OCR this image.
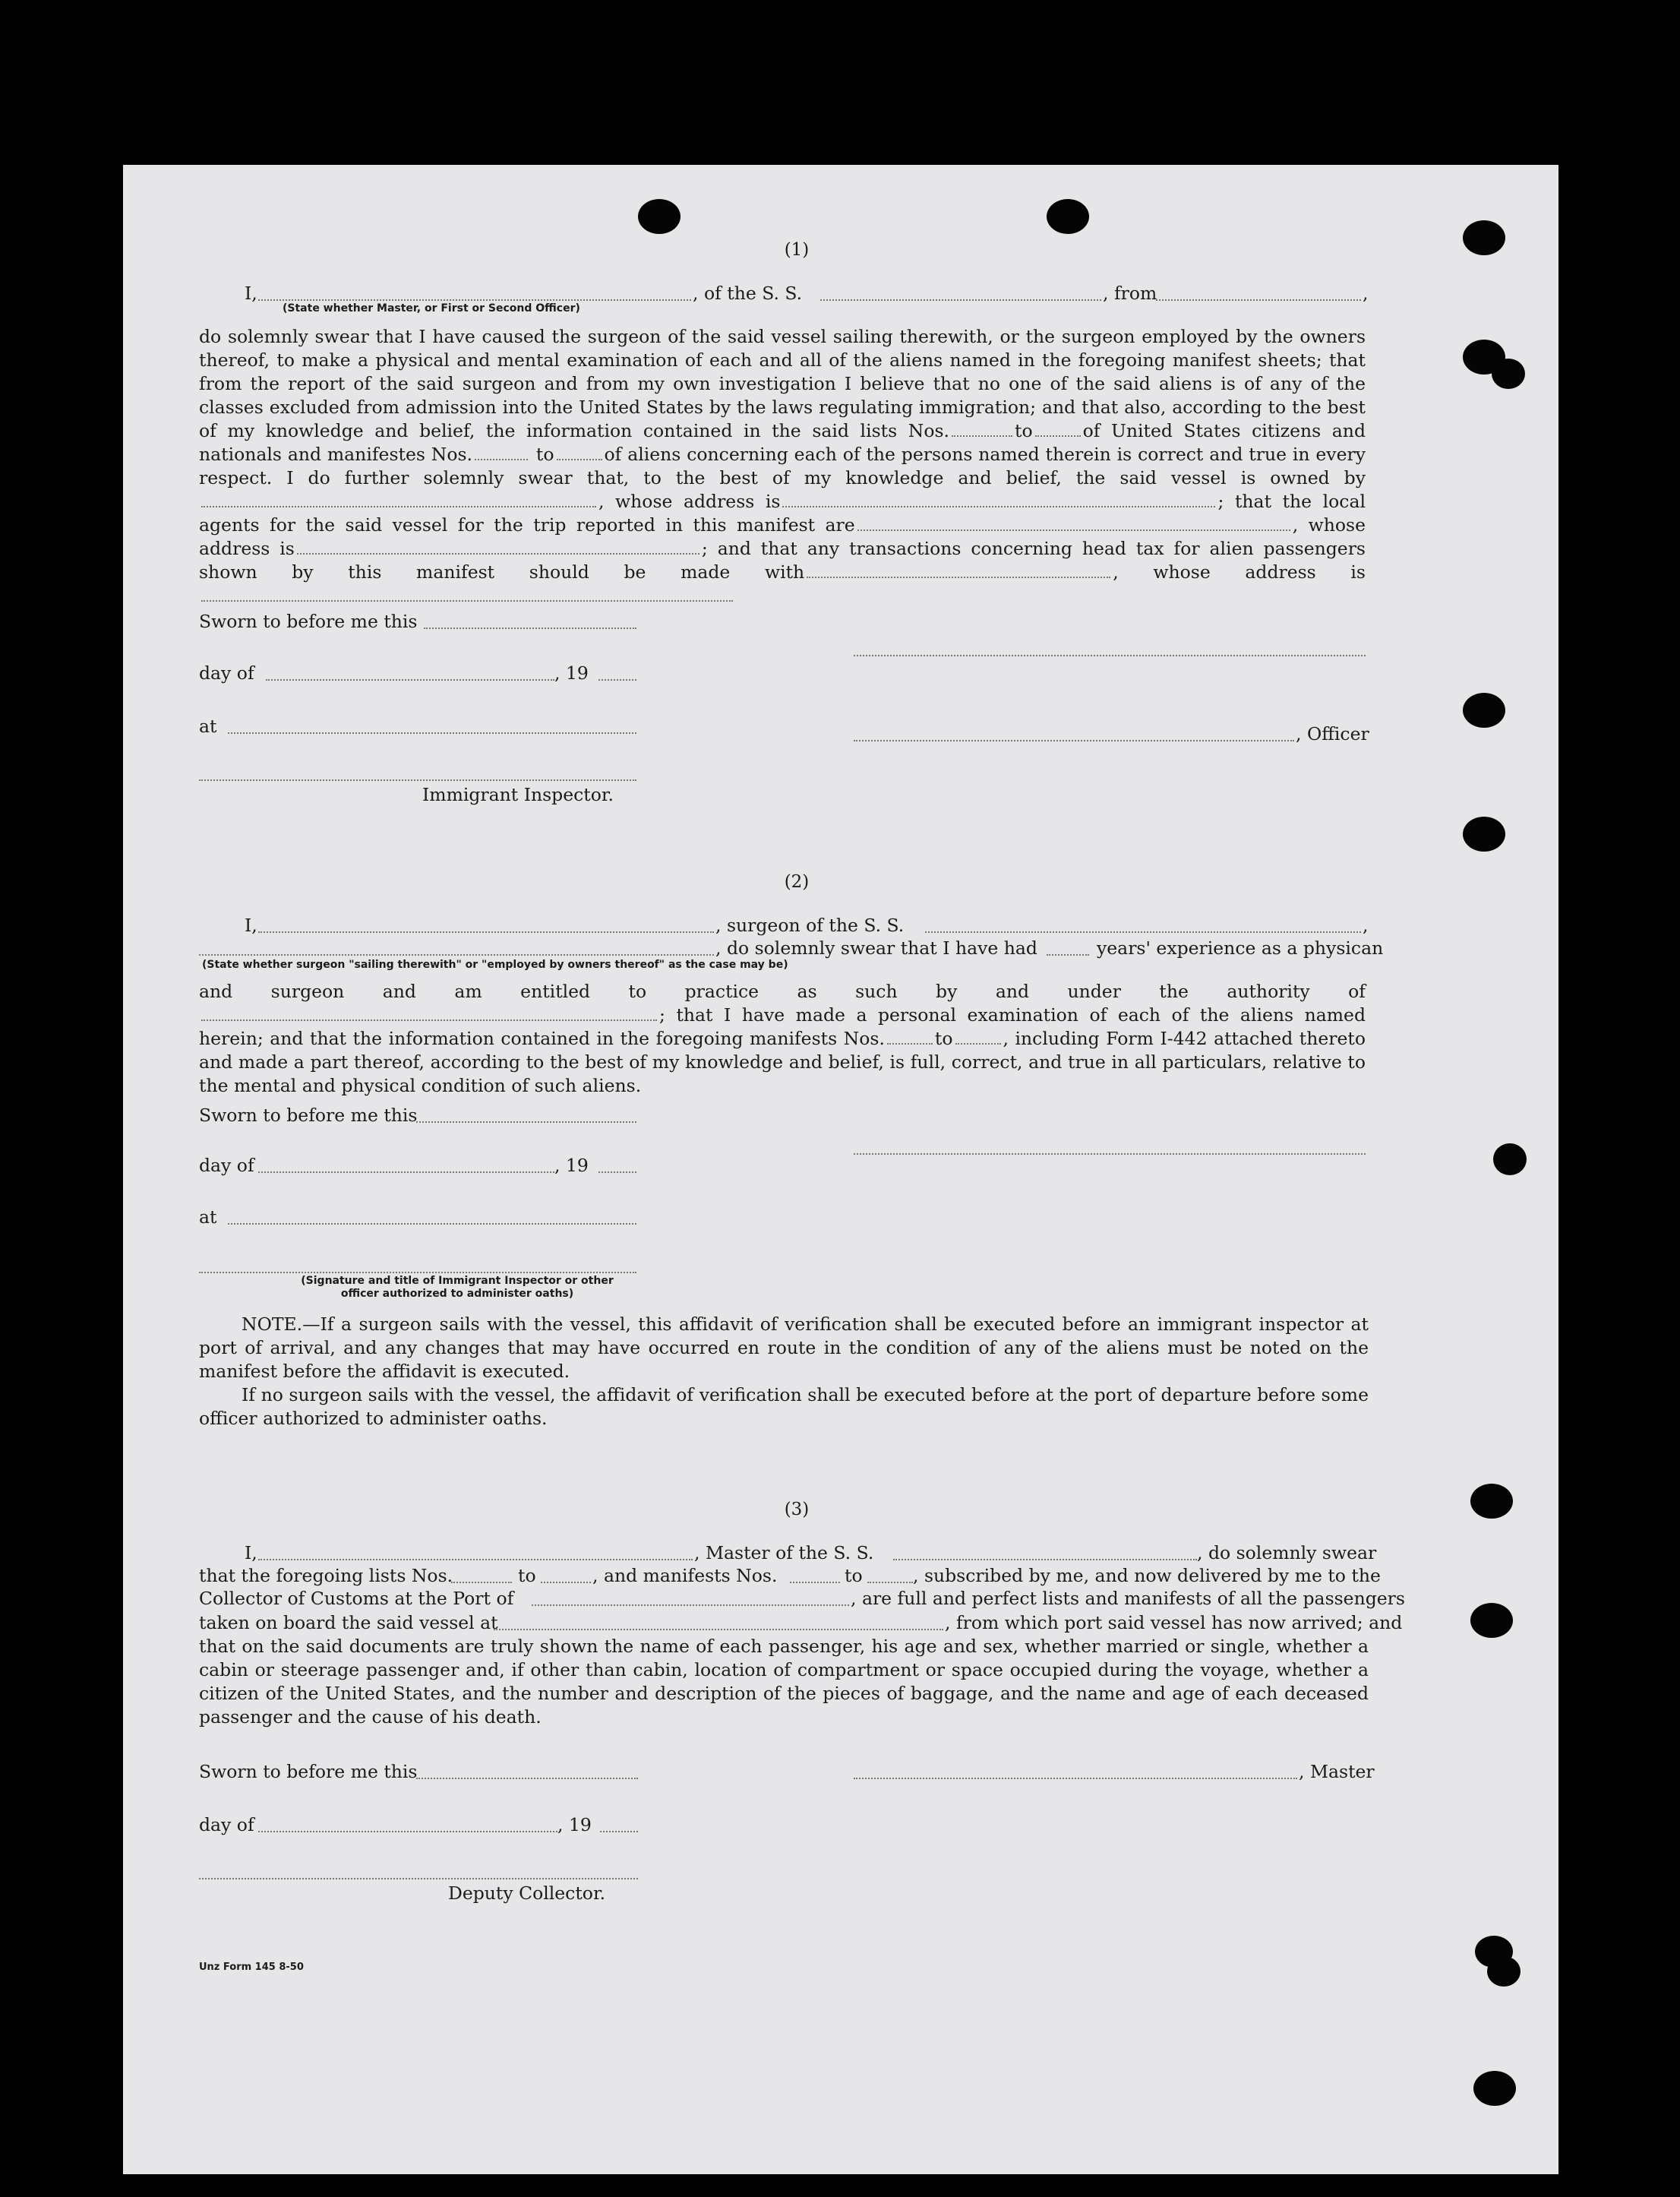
(1)
I,	, of the S. S.	, from	,
(State whether Master, or First or Second Officer)
do solemnly swear that I have caused the surgeon of the said vessel sailing therewith, or the surgeon employed by the owners thereof, to make a physical and mental examination of each and all of the aliens named in the foregoing manifest sheets; that from the report of the said surgeon and from my own investigation I believe that no one of the said aliens is of any of the classes excluded from admission into the United States by the laws regulating immigration; and that also, according to the best of my knowledge and belief, the information contained in the said lists Nos.	to	of United States citizens and nationals and manifestes Nos.	to	of aliens concerning each of the persons named therein is correct and true in every respect. I do further solemnly swear that, to the best of my knowledge and belief, the said vessel is owned by, whose address is	; that the local agents for the said vessel for the trip reported in this manifest are	, whose address is	; and that any transactions concerning head tax for alien passengers shown by this manifest should be made with	, whose address is
Sworn to before me this
day of	, 19
at	, Officer
Immigrant Inspector.
(2)
I,	, surgeon of the S. S.	,
, do solemnly swear that I have had	years' experience as a physican
(State whether surgeon "sailing therewith" or "employed by owners thereof" as the case may be)
and surgeon and am entitled to practice as such by and under the authority of; that I have made a personal examination of each of the aliens named herein; and that the information contained in the foregoing manifests Nos.	to	, including Form I-442 attached thereto and made a part thereof, according to the best of my knowledge and belief, is full, correct, and true in all particulars, relative to the mental and physical condition of such aliens.
Sworn to before me this
day of	, 19
at
(Signature and title of Immigrant Inspector or other
officer authorized to administer oaths)

NOTE.—If a surgeon sails with the vessel, this affidavit of verification shall be executed before an immigrant inspector at port of arrival, and any changes that may have occurred en route in the condition of any of the aliens must be noted on the manifest before the affidavit is executed.

If no surgeon sails with the vessel, the affidavit of verification shall be executed before at the port of departure before some officer authorized to administer oaths.

(3)
I,	, Master of the S. S.	, do solemnly swear
that the foregoing lists Nos.	to	, and manifests Nos.	to	, subscribed by me, and now delivered by me to the
Collector of Customs at the Port of	, are full and perfect lists and manifests of all the passengers
taken on board the said vessel at	, from which port said vessel has now arrived; and
that on the said documents are truly shown the name of each passenger, his age and sex, whether married or single, whether a cabin or steerage passenger and, if other than cabin, location of compartment or space occupied during the voyage, whether a citizen of the United States, and the number and description of the pieces of baggage, and the name and age of each deceased passenger and the cause of his death.
Sworn to before me this	, Master
day of	, 19
Deputy Collector.
Unz Form 145 8-50
